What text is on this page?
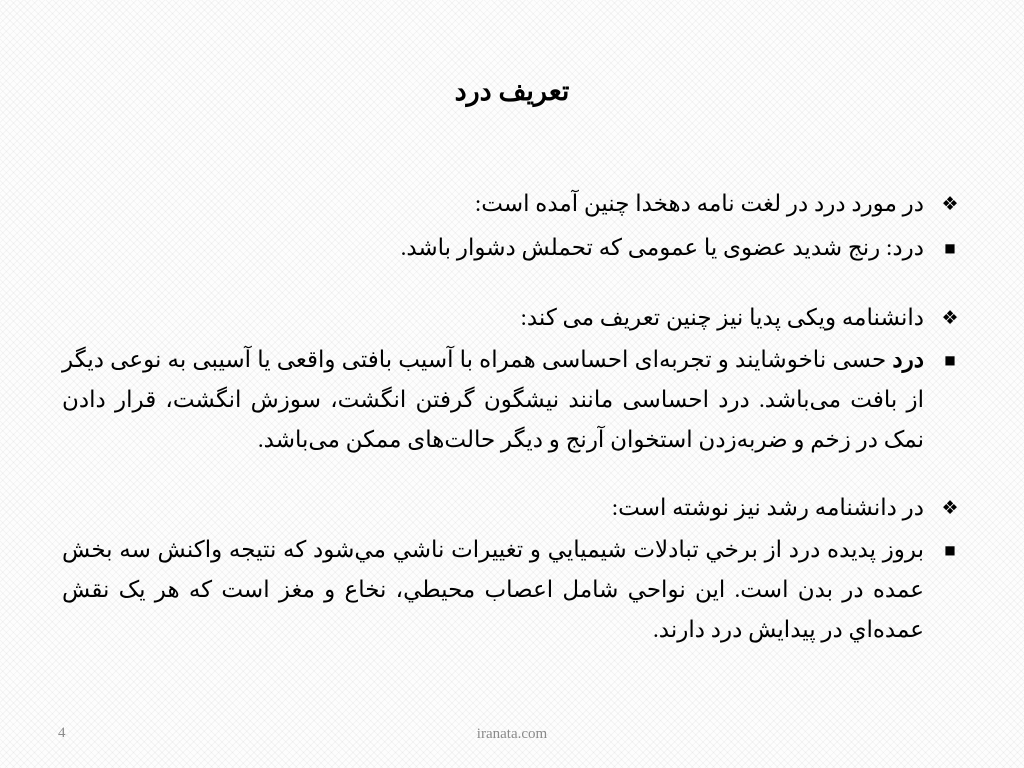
تعریف درد

❖
در مورد درد در لغت نامه دهخدا چنین آمده است:

■
درد: رنج شدید عضوی یا عمومی که تحملش دشوار باشد.

❖
دانشنامه ویکی پدیا نیز چنین تعریف می کند:

■
درد حسی ناخوشایند و تجربه‌ای احساسی همراه با آسیب بافتی واقعی یا آسیبی به نوعی دیگر از بافت می‌باشد. درد احساسی مانند نیشگون گرفتن انگشت، سوزش انگشت، قرار دادن نمک در زخم و ضربه‌زدن استخوان آرنج و دیگر حالت‌های ممکن می‌باشد.

❖
در دانشنامه رشد نیز نوشته است:

■
بروز پديده درد از برخي تبادلات شيميايي و تغييرات ناشي مي‌شود که نتيجه واکنش سه بخش عمده در بدن است. اين نواحي شامل اعصاب محيطي، نخاع و مغز است که هر یک نقش عمده‌اي در پيدايش درد دارند.

4	iranata.com
